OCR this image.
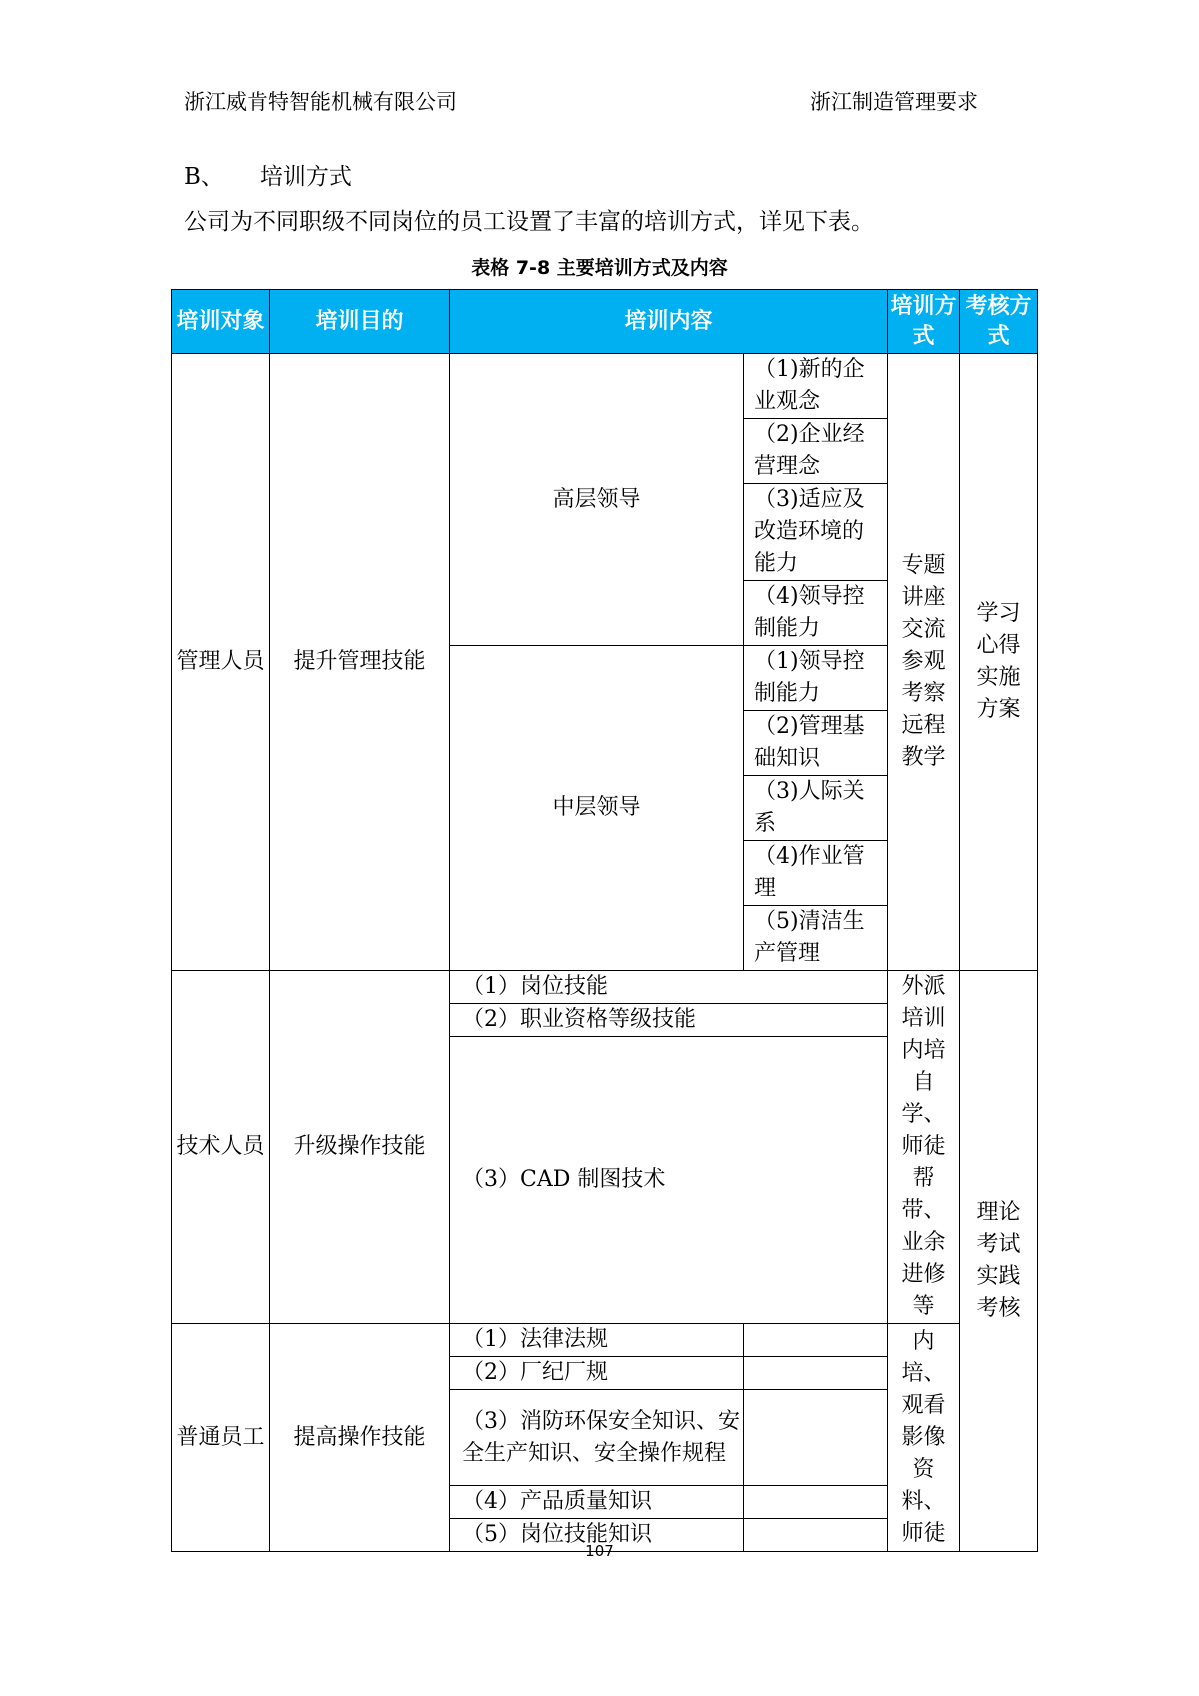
浙江威肯特智能机械有限公司	浙江制造管理要求
B、 培训方式
公司为不同职级不同岗位的员工设置了丰富的培训方式，详见下表。
表格 7-8 主要培训方式及内容
培训对象	培训目的	培训内容		培训方式	考核方式
管理人员	提升管理技能	高层领导	（1)新的企业观念	专题讲座交流参观考察远程教学	学习心得实施方案
			（2)企业经营理念		
			（3)适应及改造环境的能力		
			（4)领导控制能力		
		中层领导	（1)领导控制能力		
			（2)管理基础知识		
			（3)人际关系		
			（4)作业管理		
			（5)清洁生产管理		
技术人员	升级操作技能	（1）岗位技能		外派培训内培自学、师徒帮带、业余进修等	理论考试实践考核
		（2）职业资格等级技能			
		（3）CAD 制图技术			
普通员工	提高操作技能	（1）法律法规		内培、观看影像资料、师徒	
		（2）厂纪厂规			
		（3）消防环保安全知识、安全生产知识、安全操作规程			
		（4）产品质量知识			
		（5）岗位技能知识			
107
